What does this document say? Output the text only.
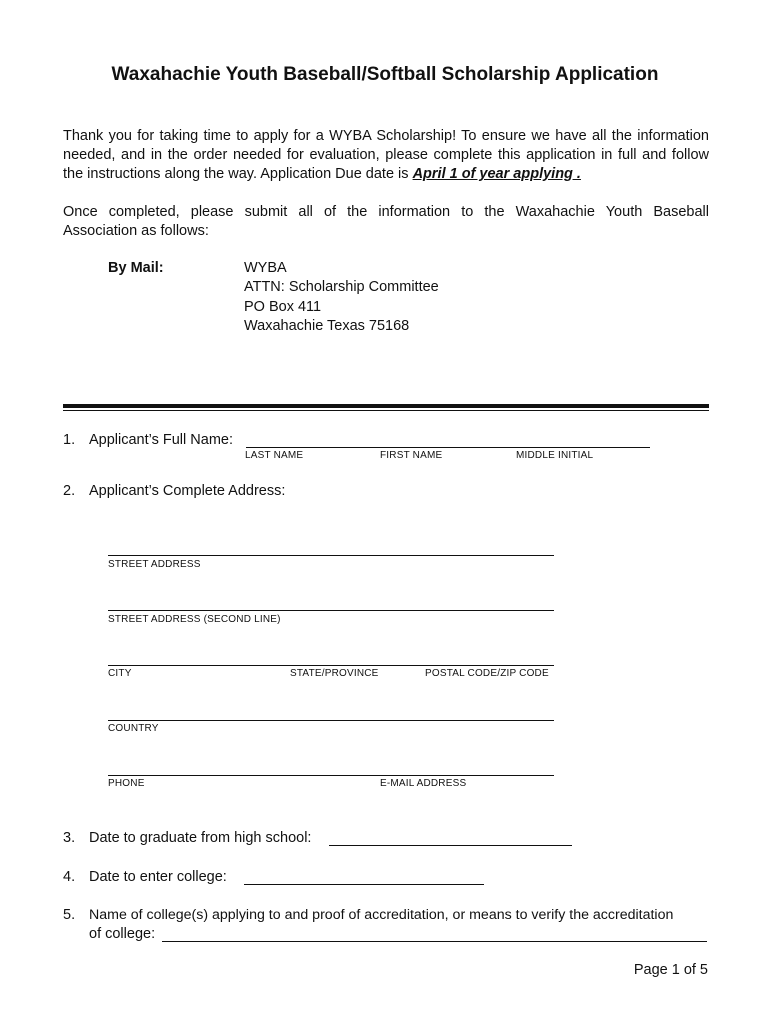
Waxahachie Youth Baseball/Softball Scholarship Application
Thank you for taking time to apply for a WYBA Scholarship! To ensure we have all the information needed, and in the order needed for evaluation, please complete this application in full and follow
the instructions along the way. Application Due date is April 1 of year applying .
Once completed, please submit all of the information to the Waxahachie Youth Baseball
Association as follows:
By Mail:	WYBA
ATTN: Scholarship Committee
PO Box 411
Waxahachie Texas 75168
1. Applicant’s Full Name:
LAST NAME	FIRST NAME	MIDDLE INITIAL
2. Applicant’s Complete Address:
STREET ADDRESS
STREET ADDRESS (SECOND LINE)
CITY	STATE/PROVINCE	POSTAL CODE/ZIP CODE
COUNTRY
PHONE	E-MAIL ADDRESS
3. Date to graduate from high school:
4. Date to enter college:
5. Name of college(s) applying to and proof of accreditation, or means to verify the accreditation
of college:
Page 1 of 5
